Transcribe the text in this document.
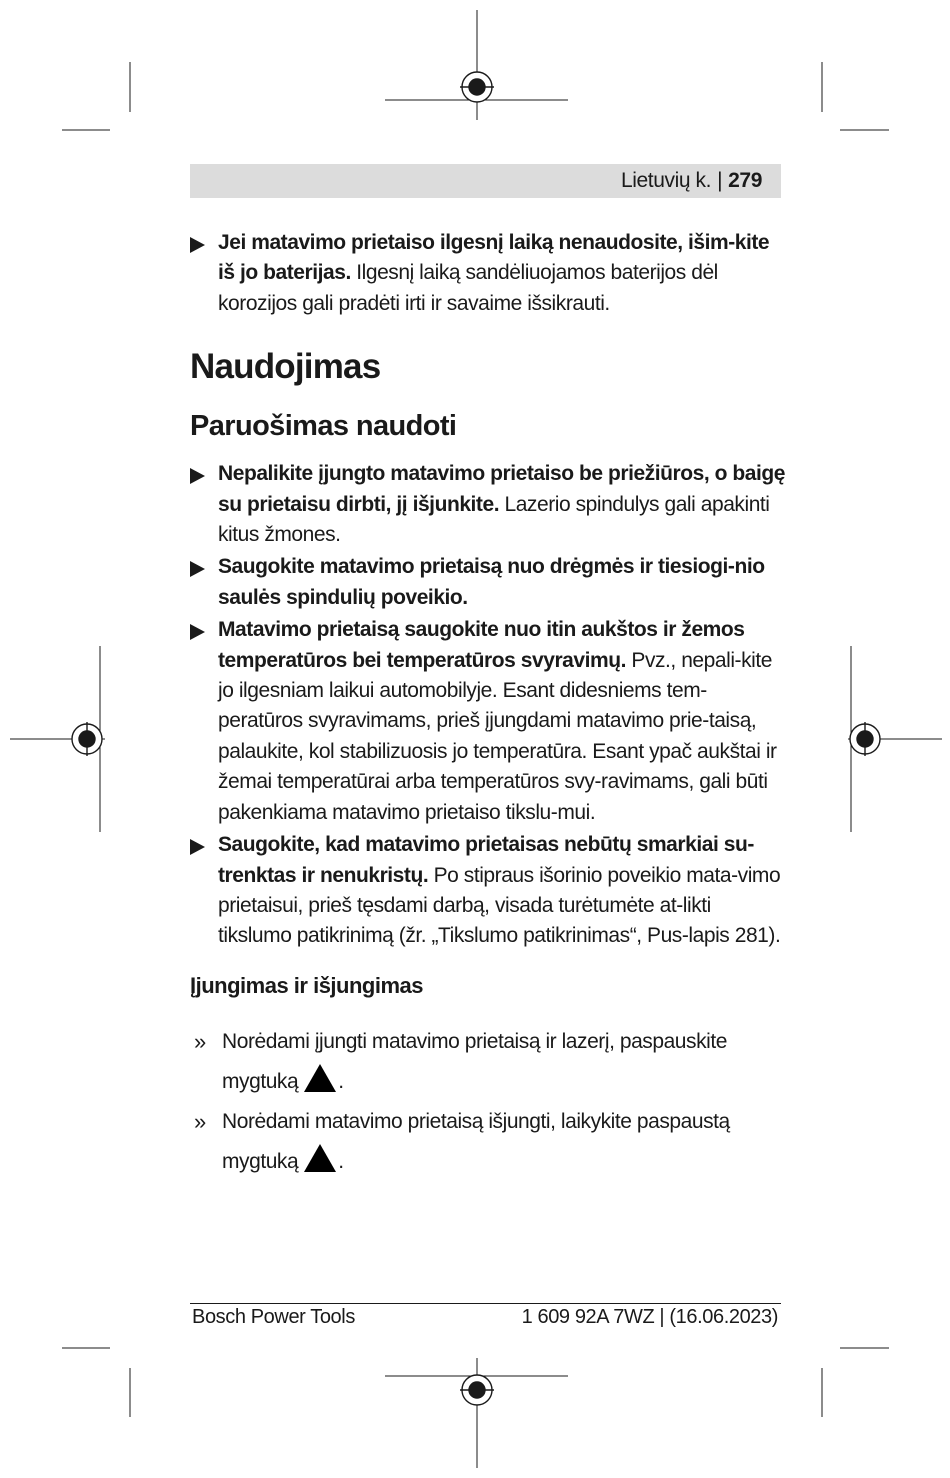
Lietuvių k. | 279

Jei matavimo prietaiso ilgesnį laiką nenaudosite, išim-kite iš jo baterijas. Ilgesnį laiką sandėliuojamos baterijos dėl korozijos gali pradėti irti ir savaime išsikrauti.

Naudojimas
Paruošimas naudoti

Nepalikite įjungto matavimo prietaiso be priežiūros, o baigę su prietaisu dirbti, jį išjunkite. Lazerio spindulys gali apakinti kitus žmones.

Saugokite matavimo prietaisą nuo drėgmės ir tiesiogi-nio saulės spindulių poveikio.

Matavimo prietaisą saugokite nuo itin aukštos ir žemos temperatūros bei temperatūros svyravimų. Pvz., nepali-kite jo ilgesniam laikui automobilyje. Esant didesniems tem-peratūros svyravimams, prieš įjungdami matavimo prie-taisą, palaukite, kol stabilizuosis jo temperatūra. Esant ypač aukštai ir žemai temperatūrai arba temperatūros svy-ravimams, gali būti pakenkiama matavimo prietaiso tikslu-mui.

Saugokite, kad matavimo prietaisas nebūtų smarkiai su-trenktas ir nenukristų. Po stipraus išorinio poveikio mata-vimo prietaisui, prieš tęsdami darbą, visada turėtumėte at-likti tikslumo patikrinimą (žr. „Tikslumo patikrinimas“, Pus-lapis 281).

Įjungimas ir išjungimas
» Norėdami įjungti matavimo prietaisą ir lazerį, paspauskite mygtuką .
» Norėdami matavimo prietaisą išjungti, laikykite paspaustą mygtuką .
Bosch Power Tools	1 609 92A 7WZ | (16.06.2023)
